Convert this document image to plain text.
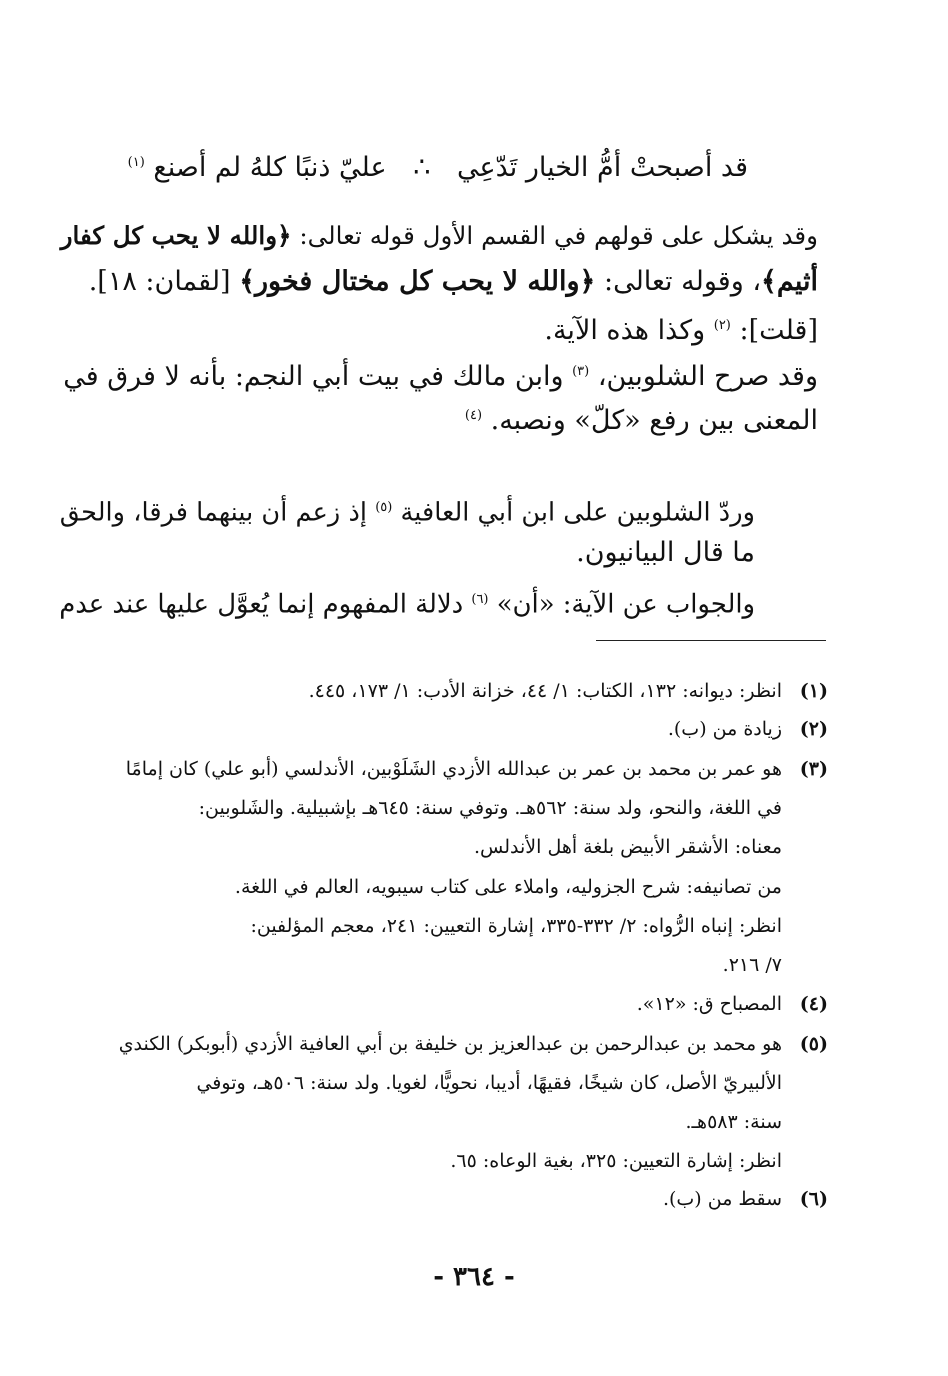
قد أصبحتْ أمُّ الخيار تَدّعِي ∴ عليّ ذنبًا كلهُ لم أصنع $^{(١)}$
وقد يشكل على قولهم في القسم الأول قوله تعالى: ﴿والله لا يحب كل كفار
أثيم﴾، وقوله تعالى: ﴿والله لا يحب كل مختال فخور﴾ [لقمان: ١٨].
[قلت]: $^{(٢)}$ وكذا هذه الآية.
وقد صرح الشلوبين، $^{(٣)}$ وابن مالك في بيت أبي النجم: بأنه لا فرق في
المعنى بين رفع «كلّ» ونصبه. $^{(٤)}$
وردّ الشلوبين على ابن أبي العافية $^{(٥)}$ إذ زعم أن بينهما فرقا، والحق
ما قال البيانيون.
والجواب عن الآية: «أن» $^{(٦)}$ دلالة المفهوم إنما يُعوَّل عليها عند عدم
(١)انظر: ديوانه: ١٣٢، الكتاب: ١/ ٤٤، خزانة الأدب: ١/ ١٧٣، ٤٤٥.
(٢)زيادة من (ب).
(٣)هو عمر بن محمد بن عمر بن عبدالله الأزدي الشَلَوْبين، الأندلسي (أبو علي) كان إمامًا
في اللغة، والنحو، ولد سنة: ٥٦٢هـ. وتوفي سنة: ٦٤٥هـ بإشبيلية. والشَلوبين:
معناه: الأشقر الأبيض بلغة أهل الأندلس.
من تصانيفه: شرح الجزوليه، واملاء على كتاب سيبويه، العالم في اللغة.
انظر: إنباه الرُّواه: ٢/ ٣٣٢-٣٣٥، إشارة التعيين: ٢٤١، معجم المؤلفين:
٧/ ٢١٦.
(٤)المصباح ق: «١٢».
(٥)هو محمد بن عبدالرحمن بن عبدالعزيز بن خليفة بن أبي العافية الأزدي (أبوبكر) الكندي
الألبيريّ الأصل، كان شيخًا، فقيهًا، أديبا، نحويًّا، لغويا. ولد سنة: ٥٠٦هـ، وتوفي
سنة: ٥٨٣هـ.
انظر: إشارة التعيين: ٣٢٥، بغية الوعاه: ٦٥.
(٦)سقط من (ب).
- ٣٦٤ -
